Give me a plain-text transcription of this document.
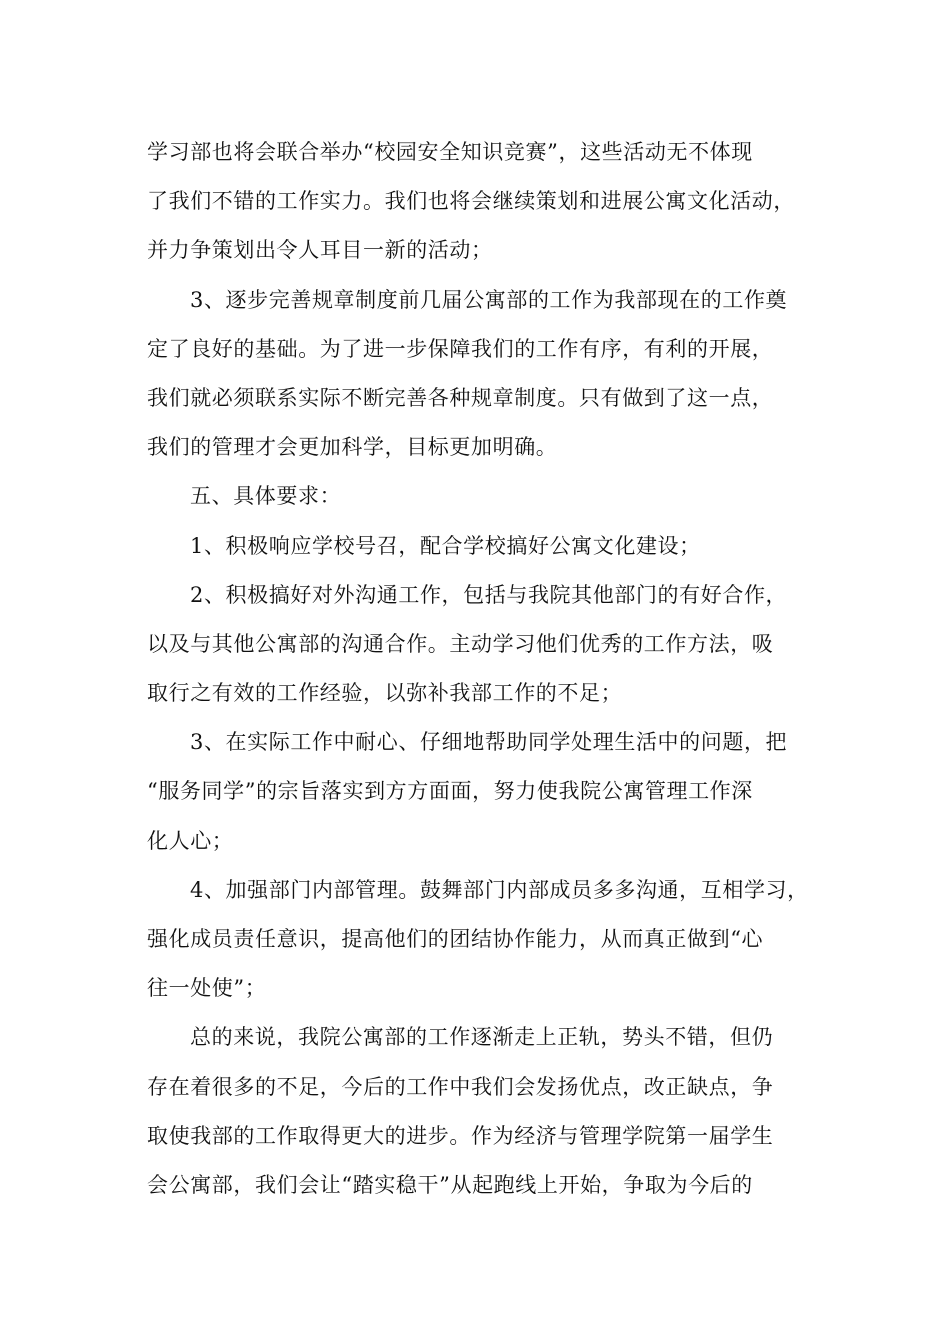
学习部也将会联合举办“校园安全知识竞赛”，这些活动无不体现
了我们不错的工作实力。我们也将会继续策划和进展公寓文化活动，
并力争策划出令人耳目一新的活动；
3、逐步完善规章制度前几届公寓部的工作为我部现在的工作奠
定了良好的基础。为了进一步保障我们的工作有序，有利的开展，
我们就必须联系实际不断完善各种规章制度。只有做到了这一点，
我们的管理才会更加科学，目标更加明确。
五、具体要求：
1、积极响应学校号召，配合学校搞好公寓文化建设；
2、积极搞好对外沟通工作，包括与我院其他部门的有好合作，
以及与其他公寓部的沟通合作。主动学习他们优秀的工作方法，吸
取行之有效的工作经验，以弥补我部工作的不足；
3、在实际工作中耐心、仔细地帮助同学处理生活中的问题，把
“服务同学”的宗旨落实到方方面面，努力使我院公寓管理工作深
化人心；
4、加强部门内部管理。鼓舞部门内部成员多多沟通，互相学习，
强化成员责任意识，提高他们的团结协作能力，从而真正做到“心
往一处使”；
总的来说，我院公寓部的工作逐渐走上正轨，势头不错，但仍
存在着很多的不足，今后的工作中我们会发扬优点，改正缺点，争
取使我部的工作取得更大的进步。作为经济与管理学院第一届学生
会公寓部，我们会让“踏实稳干”从起跑线上开始，争取为今后的
